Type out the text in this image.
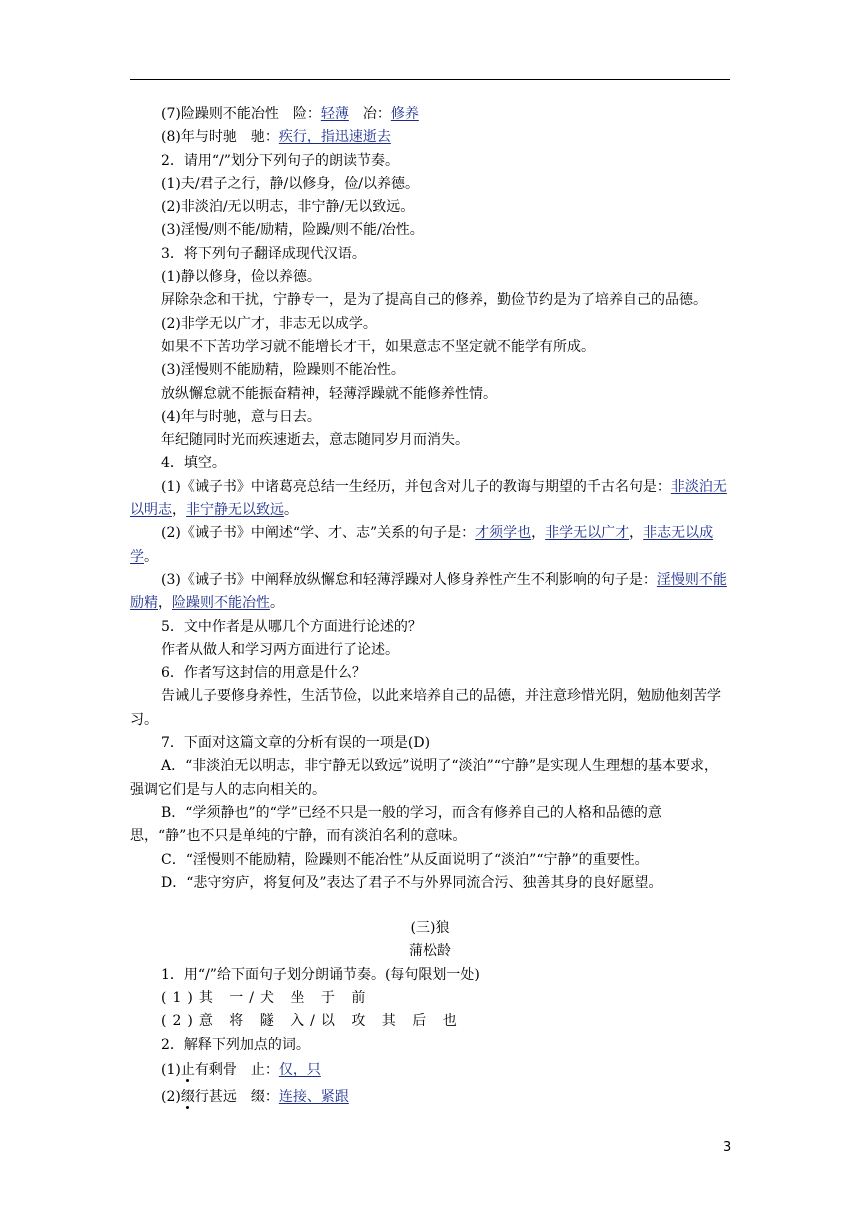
(7)险躁则不能冶性　险：轻薄　冶：修养
(8)年与时驰　驰：疾行，指迅速逝去
2．请用“/”划分下列句子的朗读节奏。
(1)夫/君子之行，静/以修身，俭/以养德。
(2)非淡泊/无以明志，非宁静/无以致远。
(3)淫慢/则不能/励精，险躁/则不能/冶性。
3．将下列句子翻译成现代汉语。
(1)静以修身，俭以养德。
屏除杂念和干扰，宁静专一，是为了提高自己的修养，勤俭节约是为了培养自己的品德。
(2)非学无以广才，非志无以成学。
如果不下苦功学习就不能增长才干，如果意志不坚定就不能学有所成。
(3)淫慢则不能励精，险躁则不能冶性。
放纵懈怠就不能振奋精神，轻薄浮躁就不能修养性情。
(4)年与时驰，意与日去。
年纪随同时光而疾速逝去，意志随同岁月而消失。
4．填空。
(1)《诫子书》中诸葛亮总结一生经历，并包含对儿子的教诲与期望的千古名句是：非淡泊无以明志，非宁静无以致远。
(2)《诫子书》中阐述“学、才、志”关系的句子是：才须学也，非学无以广才，非志无以成学。
(3)《诫子书》中阐释放纵懈怠和轻薄浮躁对人修身养性产生不利影响的句子是：淫慢则不能励精，险躁则不能冶性。
5．文中作者是从哪几个方面进行论述的？
作者从做人和学习两方面进行了论述。
6．作者写这封信的用意是什么？
告诫儿子要修身养性，生活节俭，以此来培养自己的品德，并注意珍惜光阴，勉励他刻苦学习。
7．下面对这篇文章的分析有误的一项是(D)
A．“非淡泊无以明志，非宁静无以致远”说明了“淡泊”“宁静”是实现人生理想的基本要求，强调它们是与人的志向相关的。
B．“学须静也”的“学”已经不只是一般的学习，而含有修养自己的人格和品德的意思，“静”也不只是单纯的宁静，而有淡泊名利的意味。
C．“淫慢则不能励精，险躁则不能冶性”从反面说明了“淡泊”“宁静”的重要性。
D．“悲守穷庐，将复何及”表达了君子不与外界同流合污、独善其身的良好愿望。
(三)狼
蒲松龄
1．用“/”给下面句子划分朗诵节奏。(每句限划一处)
(1)其 一/犬 坐 于 前
(2)意 将 隧 入/以 攻 其 后 也
2．解释下列加点的词。
(1)止有剩骨　止：仅，只
(2)缀行甚远　缀：连接、紧跟
3
